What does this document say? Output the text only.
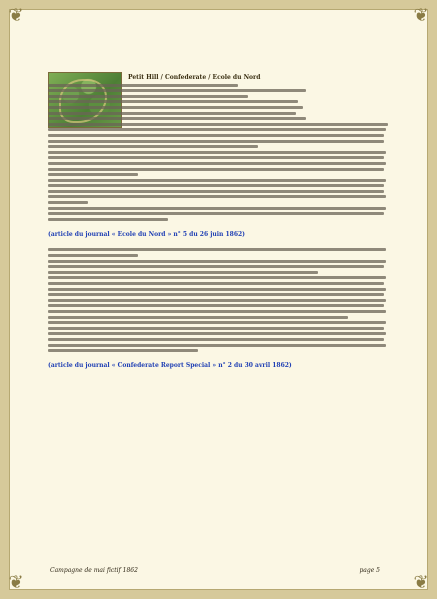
❦	❦
❦	❦
Petit Hill / Confederate / Ecole du Nord
(article du journal « Ecole du Nord » n° 5 du 26 juin 1862)
(article du journal « Confederate Report Special » n° 2 du 30 avril 1862)
Campagne de mai fictif 1862	page 5
